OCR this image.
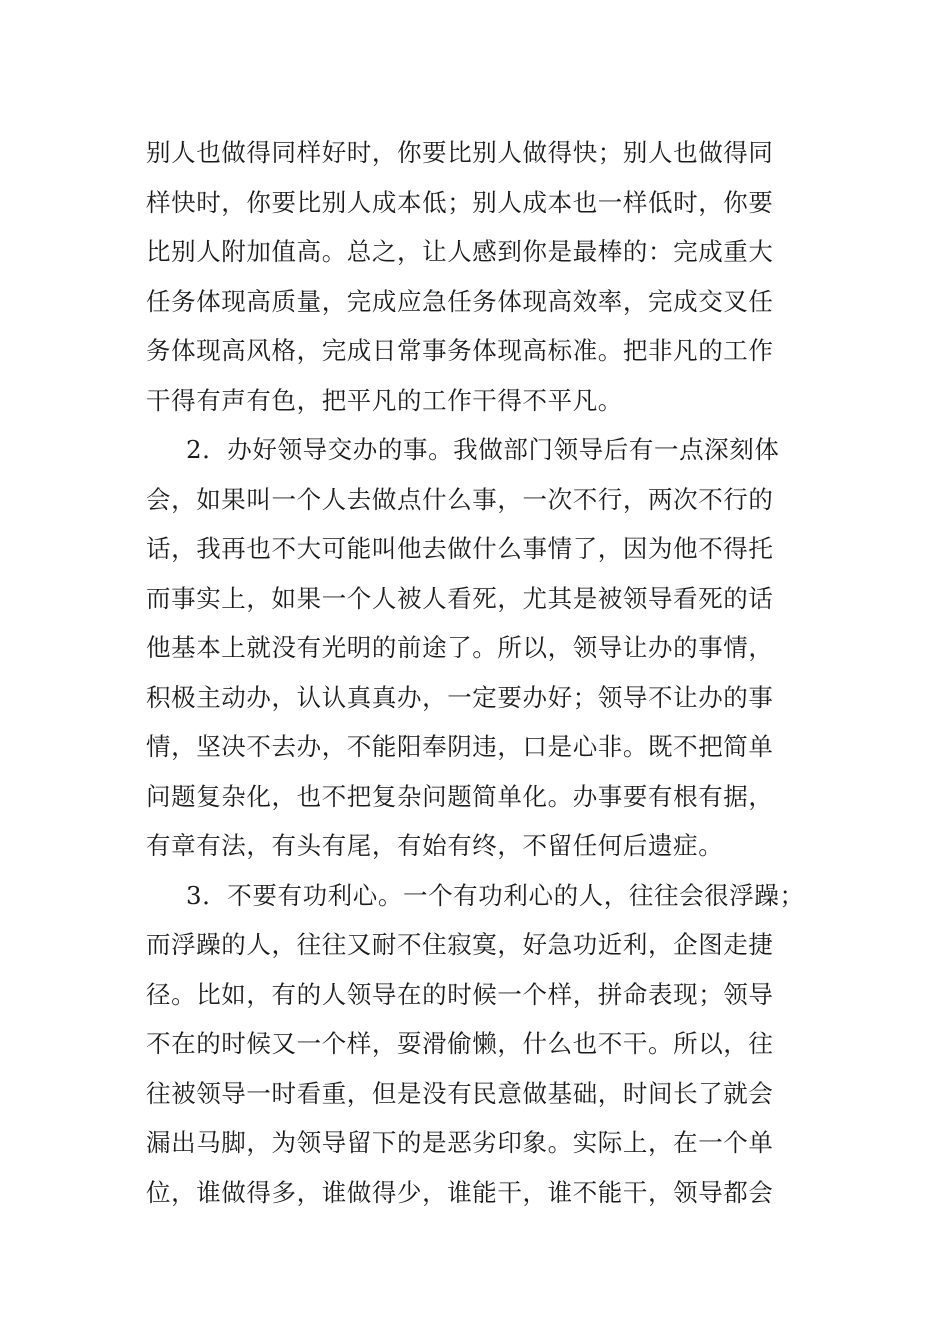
别人也做得同样好时，你要比别人做得快；别人也做得同
样快时，你要比别人成本低；别人成本也一样低时，你要
比别人附加值高。总之，让人感到你是最棒的：完成重大
任务体现高质量，完成应急任务体现高效率，完成交叉任
务体现高风格，完成日常事务体现高标准。把非凡的工作
干得有声有色，把平凡的工作干得不平凡。
2．办好领导交办的事。我做部门领导后有一点深刻体
会，如果叫一个人去做点什么事，一次不行，两次不行的
话，我再也不大可能叫他去做什么事情了，因为他不得托
而事实上，如果一个人被人看死，尤其是被领导看死的话
他基本上就没有光明的前途了。所以，领导让办的事情，
积极主动办，认认真真办，一定要办好；领导不让办的事
情，坚决不去办，不能阳奉阴违，口是心非。既不把简单
问题复杂化，也不把复杂问题简单化。办事要有根有据，
有章有法，有头有尾，有始有终，不留任何后遗症。
3．不要有功利心。一个有功利心的人，往往会很浮躁；
而浮躁的人，往往又耐不住寂寞，好急功近利，企图走捷
径。比如，有的人领导在的时候一个样，拼命表现；领导
不在的时候又一个样，耍滑偷懒，什么也不干。所以，往
往被领导一时看重，但是没有民意做基础，时间长了就会
漏出马脚，为领导留下的是恶劣印象。实际上，在一个单
位，谁做得多，谁做得少，谁能干，谁不能干，领导都会
